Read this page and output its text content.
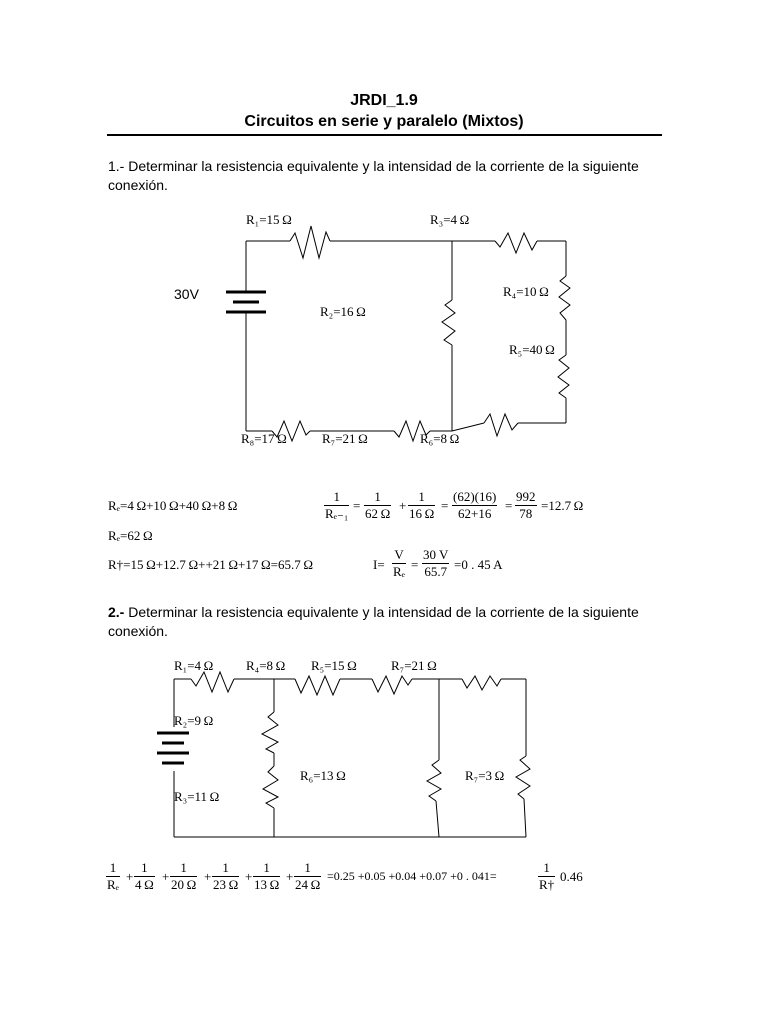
JRDI_1.9
Circuitos en serie y paralelo (Mixtos)
1.- Determinar la resistencia equivalente y la intensidad de la corriente de la siguiente conexión.
30V
R₁=15 Ω	R₃=4 Ω
R₄=10 Ω
R₂=16 Ω
R₅=40 Ω
R₈=17 Ω	R₇=21 Ω	R₆=8 Ω
Rₑ=4 Ω+10 Ω+40 Ω+8 Ω
Rₑ=62 Ω
R†=15 Ω+12.7 Ω++21 Ω+17 Ω=65.7 Ω
$\frac{1}{\text{Rₑ₋₁}} = \frac{1}{62 \Omega} + \frac{1}{16 \Omega} = \frac{(62)(16)}{62+16} = \frac{992}{78} =12.7$ Ω
$I= \frac{V}{\text{Rₑ}} = \frac{30 V}{65.7} =0$ . 45 A
2.- Determinar la resistencia equivalente y la intensidad de la corriente de la siguiente conexión.
R₁=4 Ω	R₄=8 Ω R₅=15 Ω	R₇=21 Ω
R₂=9 Ω
R₆=13 Ω	R₇=3 Ω
R₃=11 Ω
$\frac{1}{\text{Rₑ}} + \frac{1}{4 \Omega} + \frac{1}{20 \Omega} + \frac{1}{23 \Omega} + \frac{1}{13 \Omega} + \frac{1}{24 \Omega} =0.25 +0.05 +0.04 +0.07 +0$ . 041=	$\frac{1}{R\dagger} 0.46$
